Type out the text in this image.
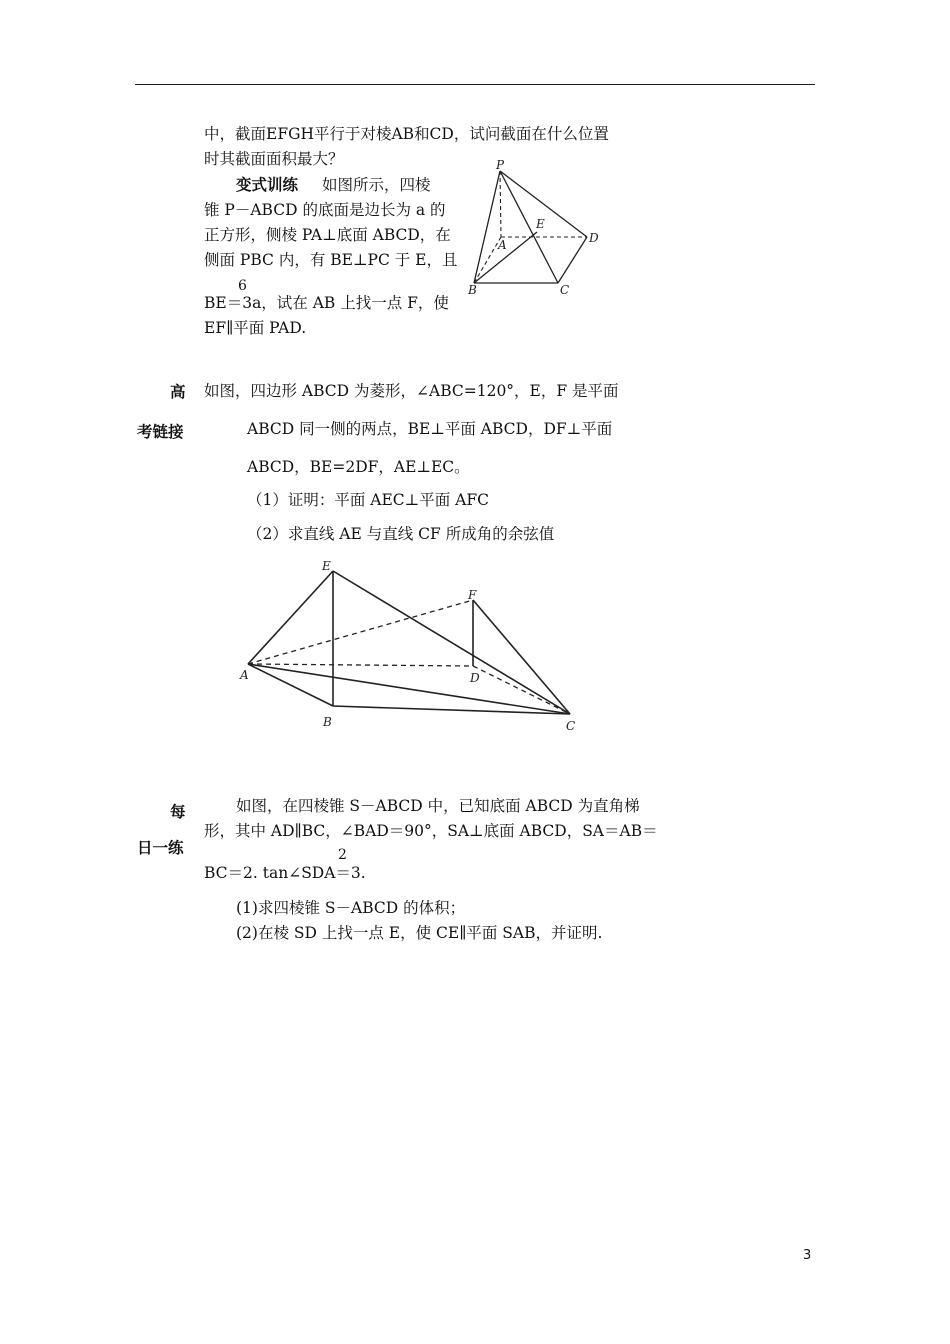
中，截面EFGH平行于对棱AB和CD，试问截面在什么位置
时其截面面积最大？
变式训练 如图所示，四棱
锥 P－ABCD 的底面是边长为 a 的
正方形，侧棱 PA⊥底面 ABCD，在
侧面 PBC 内，有 BE⊥PC 于 E，且
6
BE＝3a，试在 AB 上找一点 F，使
EF∥平面 PAD.
P
A
B	C
D
E
高
考链接
如图，四边形 ABCD 为菱形，∠ABC=120°，E，F 是平面
ABCD 同一侧的两点，BE⊥平面 ABCD，DF⊥平面
ABCD，BE=2DF，AE⊥EC。
（1）证明：平面 AEC⊥平面 AFC
（2）求直线 AE 与直线 CF 所成角的余弦值
A
B	C
D
E
F
每
日一练
如图，在四棱锥 S－ABCD 中，已知底面 ABCD 为直角梯
形，其中 AD∥BC，∠BAD＝90°，SA⊥底面 ABCD，SA＝AB＝
2
BC＝2. tan∠SDA＝3.
(1)求四棱锥 S－ABCD 的体积；
(2)在棱 SD 上找一点 E，使 CE∥平面 SAB，并证明.
3
